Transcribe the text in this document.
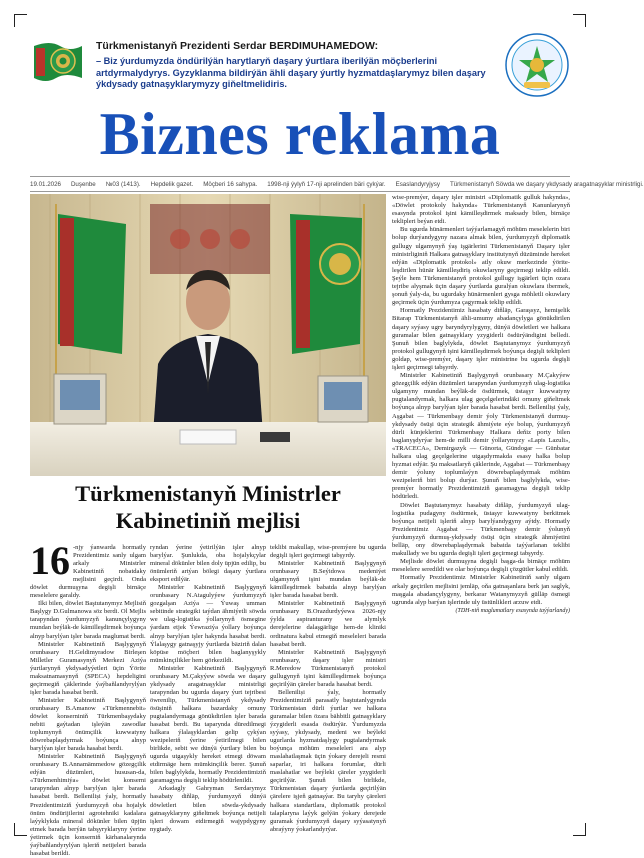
Türkmenistanyň Prezidenti Serdar BERDIMUHAMEDOW:
– Biz ýurdumyzda öndürilýän harytlaryň daşary ýurtlara iberilýän möçberlerini artdyrmalydyrys. Gyzyklanma bildirýän ähli daşary ýurtly hyzmatdaşlarymyz bilen daşary ýkdysady gatnaşyklarymyzy giňeltmelidiris.
Biznes reklama
19.01.2026 Duşenbe №03 (1413). Hepdelik gazet. Möçberi 16 sahypa. 1998-nji ýylyň 17-nji aprelinden bäri çykýar. Esaslandyryjysy Türkmenistanyň Söwda we daşary ykdysady aragatnaşyklar ministrligi.
Türkmenistanyň Ministrler
Kabinetiniň mejlisi
16 -njy ýanwarda hormatly Prezidentimiz sanly ulgam arkaly Ministrler Kabinetiniň nobatdaky mejlisini geçirdi. Onda döwlet durmuşyna degişli birnäçe meselelere garaldy.

Ilki bilen, döwlet Baştutanymyz Mejlisiň Başlygy D.Gulmanowa söz berdi. Ol Mejlis tarapyndan ýurdumyzyň kanunçylygyny mundan beýläk-de kämilleşdirmek boýunça alnyp barylýan işler barada maglumat berdi.

Ministrler Kabinetiniň Başlygynyň orunbasary H.Geldimyradow Birleşen Milletler Guramasynyň Merkezi Aziýa ýurtlarynyň ykdysadyýetleri üçin Ýörite maksatnamasynyň (SPECA) hepdeligini geçirmegiň çäklerinde ýaýbaňlandyrylýan işler barada hasabat berdi.

Ministrler Kabinetiniň Başlygynyň orunbasary B.Amanow «Türkmennebit» döwlet konserniniň Türkmenbaşydaky nebiti gaýtadan işleýän zawodlar toplumynyň önümçilik kuwwatyny döwrebaplaşdyrmak boýunça alnyp barylýan işler barada hasabat berdi.

Ministrler Kabinetiniň Başlygynyň orunbasary B.Annamämmedow gözegçilik edýän düzümleri, hususan-da, «Türkmenhimiýa» döwlet konserni tarapyndan alnyp barylýan işler barada hasabat berdi. Belleniliși ýaly, hormatly Prezidentimiziň ýurdumyzyň oba hojalyk önüm öndürijilerini agrotehniki kadalara laýyklykda mineral dökünler bilen üpjün etmek barada berýän tabşyryklaryny ýerine ýetirmek üçin konserniň kärhanalarynda ýaýbaňlandyrylýan işleriň netijeleri barada hasabat berildi.

ryndan ýerine ýetirilýän işler alnyp barylýar. Şunlukda, oba hojalykçylar mineral dökünler bilen doly üpjün edilip, bu önümleriň artýan bölegi daşary ýurtlara eksport edilýär.

Ministrler Kabinetiniň Başlygynyň orunbasary N.Atagulyýew ýurdumyzyň gozgalşan Aziýa — Ýuwaş umman sebitinde strategiki taýdan ähmiýetli söwda we ulag-logistika ýollarynyň ösmegine ýardam etjek Ýewraziýa ýollary boýunça alnyp barylýan işler hakynda hasabat berdi. Ýlalaşygy gatnaşyjy ýurtlarda bäziriň dalan köpüse möçberi bilen baglanyşykly mümkinçilikler hem görkezildi.

Ministrler Kabinetiniň Başlygynyň orunbasary M.Çakyýew söwda we daşary ykdysady aragatnaşyklar ministrligi tarapyndan bu ugurda daşary ýurt tejribesi öwrenilip, Türkmenistanyň ykdysady ösüşiniň halkara bazardaky ornuny pugtalandyrmaga gönükdirilen işler barada hasabat berdi. Bu taparynda düredilmegi halkara ýlalaşyklardan gelip çykýan wezipeleriň ýerine ýetirilmegi bilen birlikde, sebit we dünýä ýurtlary bilen bu ugurda utgaşykly hereket etmegi döwam etdirmäge hem mümkinçilik berer. Şunuň bilen baglylykda, hormatly Prezidentimiziň garamagyna degişli teklip hödürlenildi.

Arkadagly Gahryman Serdarymyz hasabaty diňläp, ýurdumyzyň dünýä döwletleri bilen söwda-ykdysady gatnaşyklaryny giňeltmek boýunça netijeli işleri dowam etdirmegiň wajypdygyny nygtady.

teklibi makullap, wise-premýere bu ugurda degişli işleri geçirmegi tabşyrdy.

Ministrler Kabinetiniň Başlygynyň orunbasary B.Seýidowa medeniýet ulgamynyň işini mundan beýläk-de kämilleşdirmek babatda alnyp barylýan işler barada hasabat berdi.

Ministrler Kabinetiniň Başlygynyň orunbasary B.Orazdurdyýewa 2026-njy ýylda aspiranturany we alymlyk derejelerine dalaşgärlige hem-de kliniki ordinatura kabul etmegiň meseleleri barada hasabat berdi.

Ministrler Kabinetiniň Başlygynyň orunbasary, daşary işler ministri R.Meredow Türkmenistanyň protokol gullugynyň işini kämilleşdirmek boýunça geçirilýän çäreler barada hasabat berdi.

Belleniliși ýaly, hormatly Prezidentimiziň parasatly baştutanlygynda Türkmenistan dürli ýurtlar we halkara guramalar bilen özara bähbitli gatnaşyklary ýzygiderli esasda ösdürýär. Ýurdumyzda syýasy, ykdysady, medeni we beýleki ugurlarda hyzmatdaşlygy pugtalandyrmak boýunça möhüm meseleleri ara alyp maslahatlaşmak üçin ýokary derejeli resmi saparlar, iri halkara forumlar, dürli maslahatlar we beýleki çäreler yzygiderli geçirilýär. Şunuň bilen birlikde, Türkmenistan daşary ýurtlarda geçirilýän çärelere işjeň gatnaşýar. Bu taryhy çäreleri halkara standartlara, diplomatik protokol talaplaryna laýyk gelýän ýokary derejede guramak ýurdumyzyň daşary syýasatynyň abraýyny ýokarlandyrýar.

wise-premýer, daşary işler ministri «Diplomatik gulluk hakynda», «Döwlet protokoly hakynda» Türkmenistanyň Kanunlarynyň esasynda protokol işini kämilleşdirmek maksady bilen, birnäçe teklipleri beýan etdi.

Bu ugurda hünärmenleri taýýarlamagyň möhüm meselelerin biri bolup durýandygyny nazara almak bilen, ýurdumyzyň diplomatik gullugy ulgamynyň ýaş işgärlerini Türkmenistanyň Daşary işler ministrliginiň Halkara gatnaşyklary institutynyň düzüminde hereket edýän «Diplomatik protokol» atly okuw merkezinde ýörite-leşdirilen hünär kämilleşdiriş okuwlaryny geçirmegi teklip edildi. Şeýle hem Türkmenistanyň protokol gullugy işgärleri üçin ozara tejribe alyşmak üçin daşary ýurtlarda guralýan okuwlara ibermek, şonuň ýaly-da, bu ugurdaky hünärmenleri gysga möhletli okuwlary geçirmek üçin ýurdumyza çagyrmak teklip edildi.

Hormatly Prezidentimiz hasabaty diňläp, Garaşsyz, hemişelik Bitarap Türkmenistanyň ähli-umumy abadançylyga gönükdirilen daşary syýasy ugry baryndyrylygyny, dünýä döwletleri we halkara guramalar bilen gatnaşyklary yzygiderli ösdürýändigini belledi. Şunuň bilen baglylykda, döwlet Baştutanymyz ýurdumyzyň protokol gullugynyň işini kämilleşdirmek boýunça degişli teklipleri goldap, wise-premýer, daşary işler ministrine bu ugurda degişli işleri geçirmegi tabşyrdy.

Ministrler Kabinetiniň Başlygynyň orunbasary M.Çakyýew gözegçilik edýän düzümleri tarapyndan ýurdumyzyň ulag-logistika ulgamyny mundan beýläk-de ösdürmek, üstaşyr kuwwatyny pugtalandyrmak, halkara ulag geçelgelerindäki ornuny giňeltmek boýunça alnyp barylýan işler barada hasabat berdi. Belleniliși ýaly, Aşgabat — Türkmenbaşy demir ýoly Türkmenistanyň durmuş-ykdysady ösüşi üçin strategik ähmiýete eýe bolup, ýurdumyzyň dürli künjeklerini Türkmenbaşy Halkara deňiz porty bilen baglanyşdyrýar hem-de milli demir ýollarymyzy «Lapis Lazuli», «TRACECA», Demirgazyk — Günorta, Gündogar — Günbatar halkara ulag geçelgelerine utgaşdyrmakda esasy halka bolup hyzmat edýär. Şu maksatlaryň çäklerinde, Aşgabat — Türkmenbaşy demir ýoluny toplumlaýyn döwrebaplaşdyrmak möhüm wezipeleriň biri bolup durýar. Şunuň bilen baglylykda, wise-premýer hormatly Prezidentimiziň garamagyna degişli teklip hödürledi.

Döwlet Baştutanymyz hasabaty diňläp, ýurdumyzyň ulag-logistika pudagyny ösdürmek, üstaşyr kuwwatyny berkitmek boýunça netijeli işleriň alnyp barylýandygyny aýtdy. Hormatly Prezidentimiz Aşgabat — Türkmenbaşy demir ýolunyň ýurdumyzyň durmuş-ykdysady ösüşi üçin strategik ähmiýetini belläp, ony döwrebaplaşdyrmak babatda taýýarlanan teklibi makullady we bu ugurda degişli işleri geçirmegi tabşyrdy.

Mejlisde döwlet durmuşyna degişli başga-da birnäçe möhüm meselelere seredildi we olar boýunça degişli çözgütler kabul edildi.

Hormatly Prezidentimiz Ministrler Kabinetiniň sanly ulgam arkaly geçirilen mejlisini jemläp, oňa gatnaşanlara berk jan saglyk, maşgala abadançylygyny, berkarar Watanymyzyň gülläp ösmegi ugrunda alyp barýan işlerinde uly üstünlikleri arzuw etdi.

(TDH-niň maglumatlary esasynda taýýarlandy)
